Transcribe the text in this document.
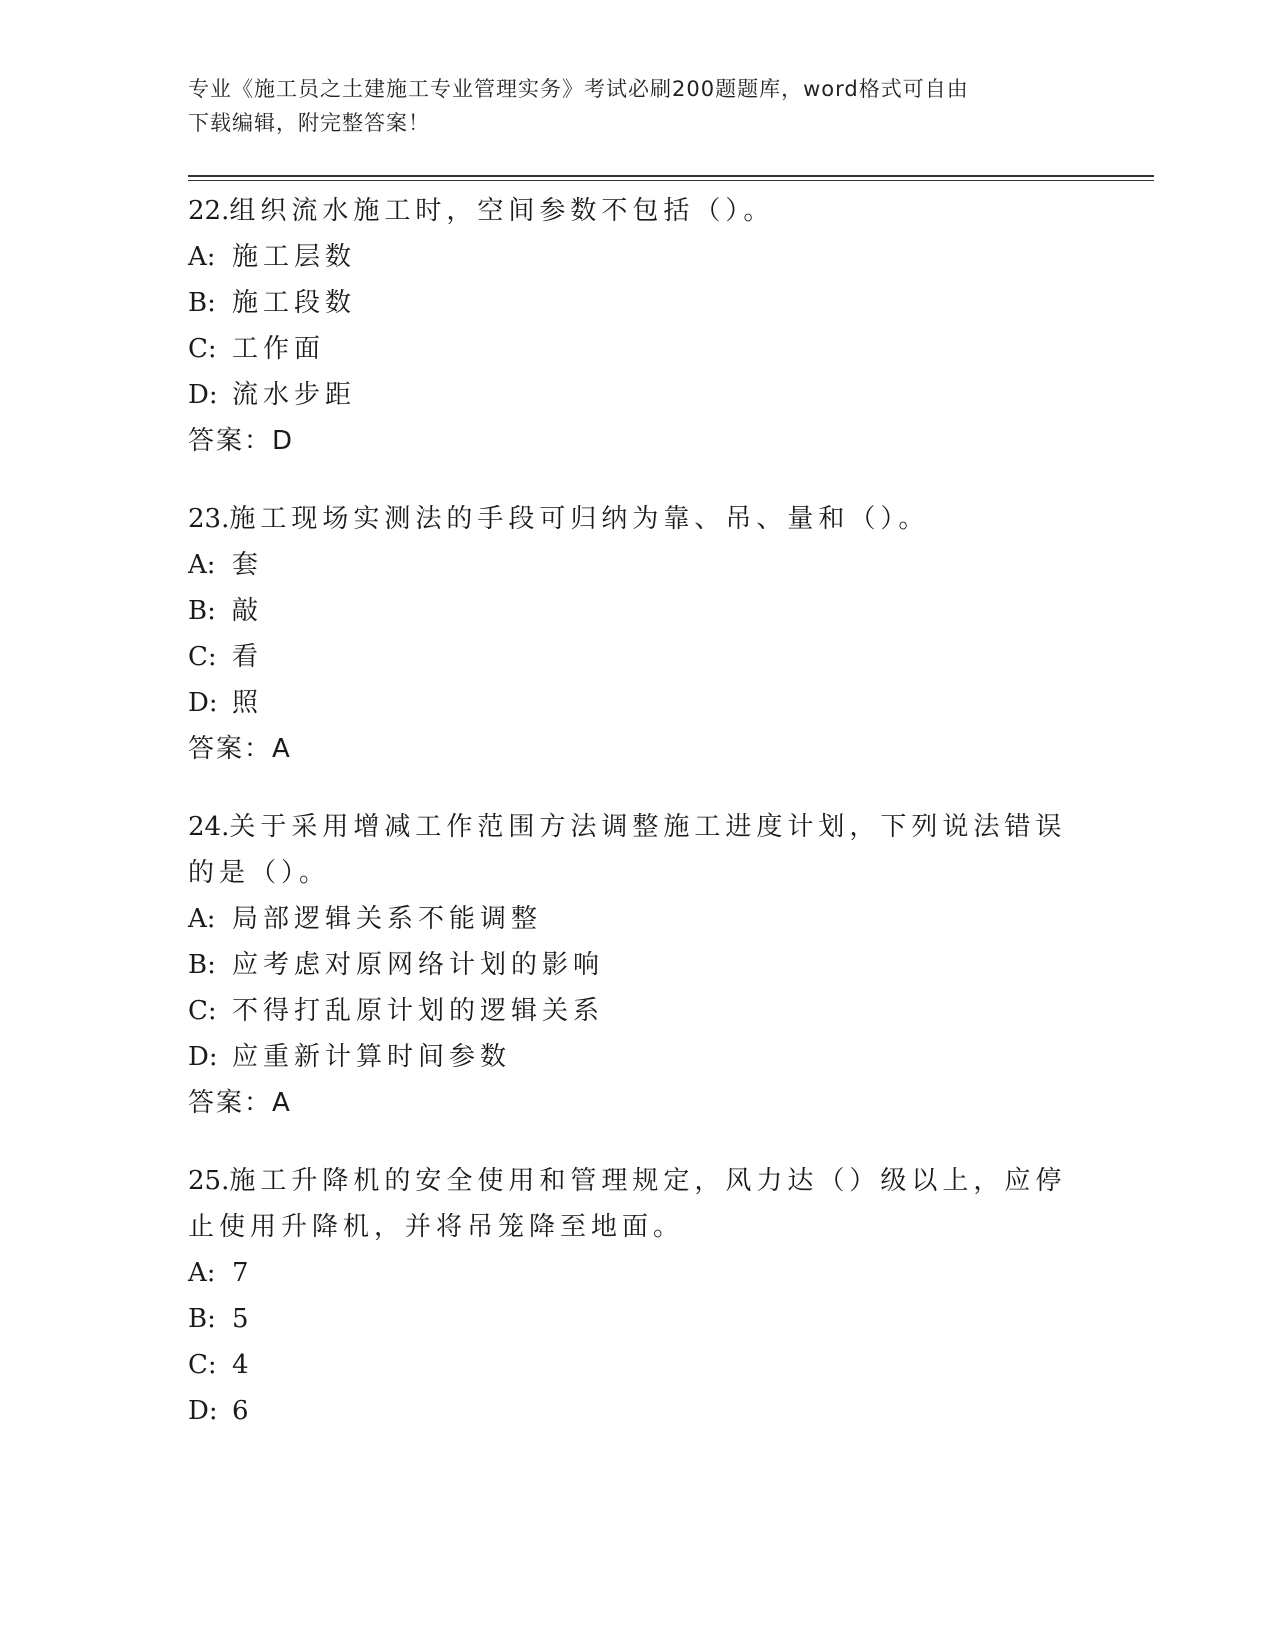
专业《施工员之土建施工专业管理实务》考试必刷200题题库，word格式可自由
下载编辑，附完整答案！

22.组织流水施工时，空间参数不包括（）。

A: 施工层数

B: 施工段数

C: 工作面

D: 流水步距

答案：D

23.施工现场实测法的手段可归纳为靠、吊、量和（）。

A: 套

B: 敲

C: 看

D: 照

答案：A

24.关于采用增减工作范围方法调整施工进度计划，下列说法错误的是（）。

A: 局部逻辑关系不能调整

B: 应考虑对原网络计划的影响

C: 不得打乱原计划的逻辑关系

D: 应重新计算时间参数

答案：A

25.施工升降机的安全使用和管理规定，风力达（）级以上，应停止使用升降机，并将吊笼降至地面。

A: 7

B: 5

C: 4

D: 6
